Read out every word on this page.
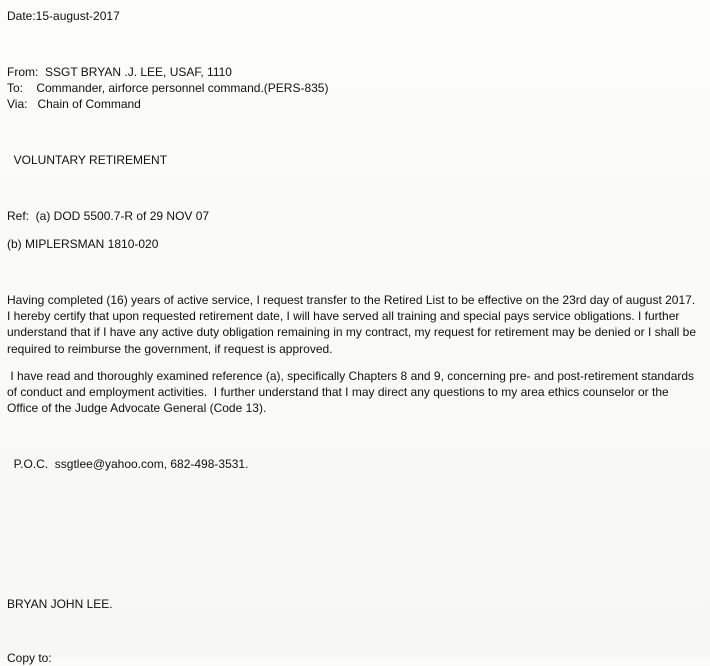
Date:15-august-2017

From:  SSGT BRYAN .J. LEE, USAF, 1110

To:    Commander, airforce personnel command.(PERS-835)

Via:   Chain of Command

VOLUNTARY RETIREMENT

Ref:  (a) DOD 5500.7-R of 29 NOV 07

(b) MIPLERSMAN 1810-020

Having completed (16) years of active service, I request transfer to the Retired List to be effective on the 23rd day of august 2017. I hereby certify that upon requested retirement date, I will have served all training and special pays service obligations. I further understand that if I have any active duty obligation remaining in my contract, my request for retirement may be denied or I shall be required to reimburse the government, if request is approved.

I have read and thoroughly examined reference (a), specifically Chapters 8 and 9, concerning pre- and post-retirement standards of conduct and employment activities.  I further understand that I may direct any questions to my area ethics counselor or the Office of the Judge Advocate General (Code 13).

P.O.C.  ssgtlee@yahoo.com, 682-498-3531.

BRYAN JOHN LEE.

Copy to:
